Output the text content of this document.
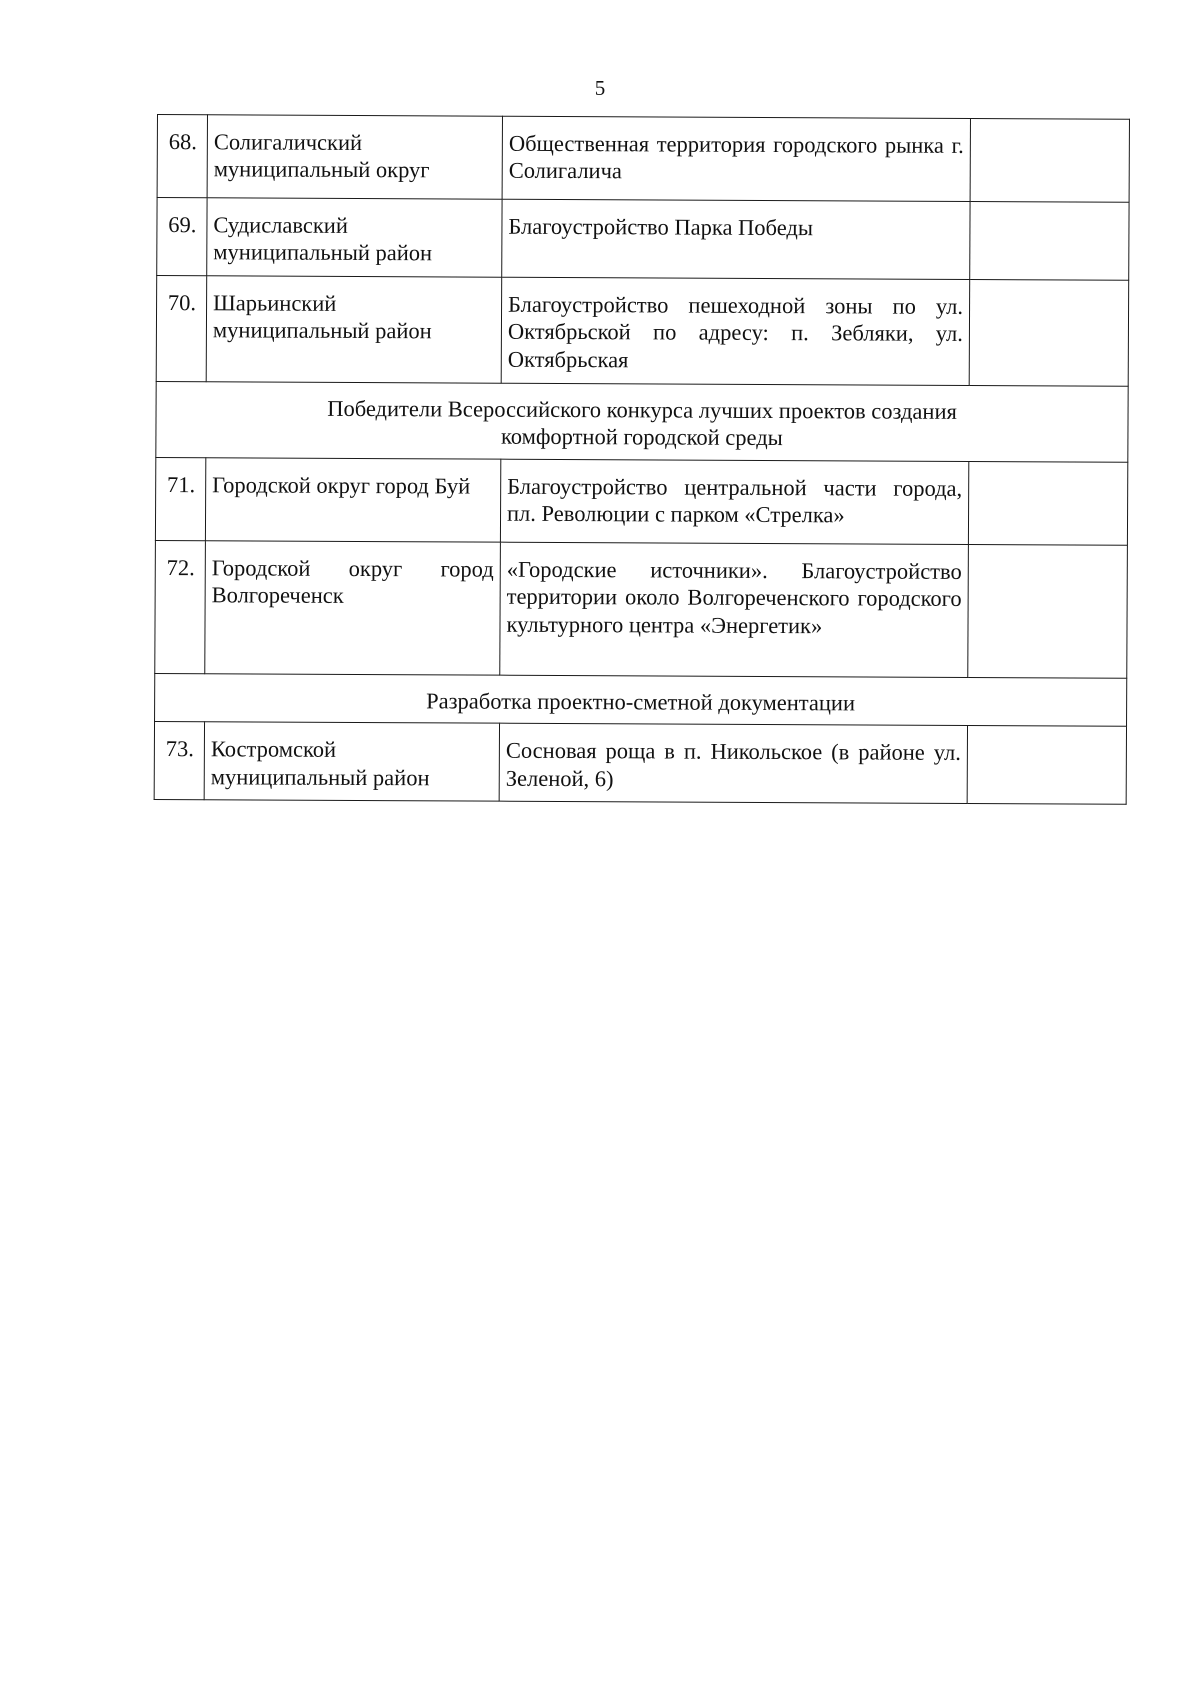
5
68.	Солигаличский муниципальный округ	Общественная территория городского рынка г. Солигалича	
69.	Судиславский муниципальный район	Благоустройство Парка Победы	
70.	Шарьинский муниципальный район	Благоустройство пешеходной зоны по ул. Октябрьской по адресу: п. Зебляки, ул. Октябрьская	

Победители Всероссийского конкурса лучших проектов создания
комфортной городской среды			

71.	Городской округ город Буй	Благоустройство центральной части города, пл. Революции с парком «Стрелка»	
72.	Городской округ город Волгореченск	«Городские источники». Благоустройство территории около Волгореченского городского культурного центра «Энергетик»	

Разработка проектно-сметной документации			

73.	Костромской муниципальный район	Сосновая роща в п. Никольское (в районе ул. Зеленой, 6)	
